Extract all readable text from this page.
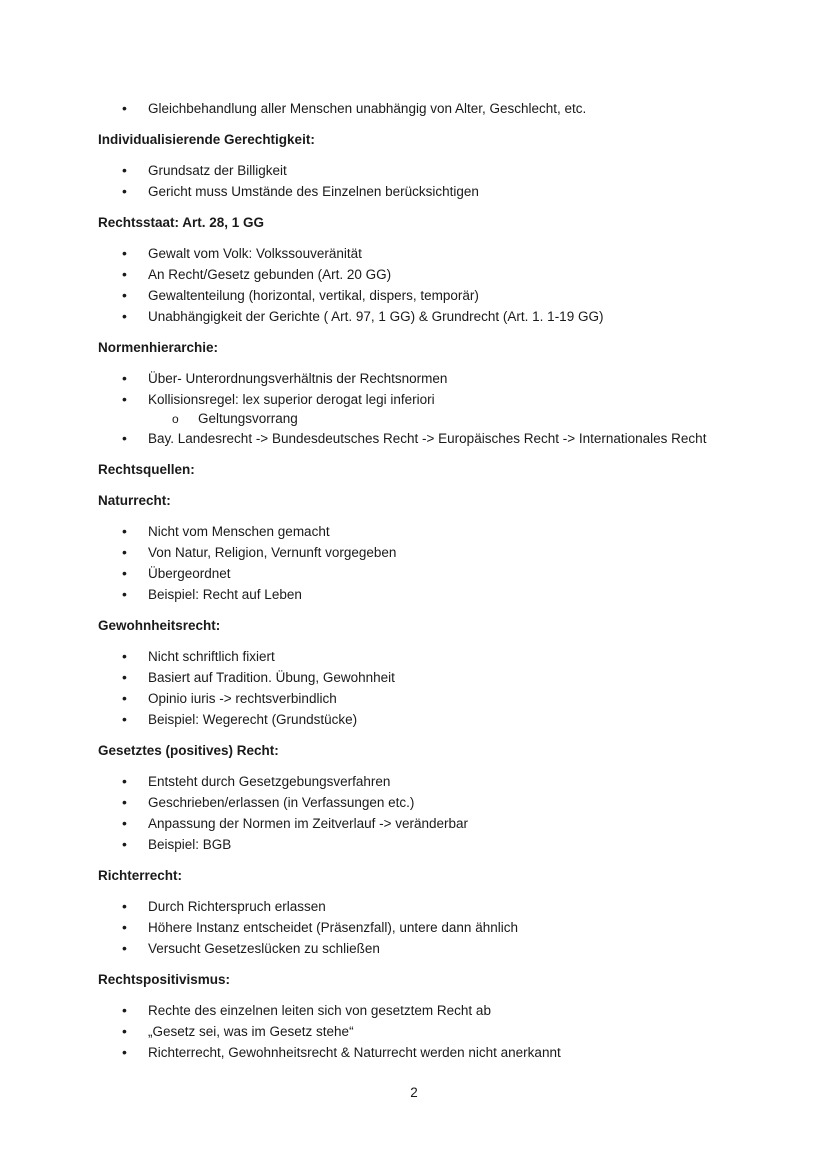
• Gleichbehandlung aller Menschen unabhängig von Alter, Geschlecht, etc.
Individualisierende Gerechtigkeit:
• Grundsatz der Billigkeit
• Gericht muss Umstände des Einzelnen berücksichtigen
Rechtsstaat: Art. 28, 1 GG
• Gewalt vom Volk: Volkssouveränität
• An Recht/Gesetz gebunden (Art. 20 GG)
• Gewaltenteilung (horizontal, vertikal, dispers, temporär)
• Unabhängigkeit der Gerichte ( Art. 97, 1 GG) & Grundrecht (Art. 1. 1-19 GG)
Normenhierarchie:
• Über- Unterordnungsverhältnis der Rechtsnormen
• Kollisionsregel: lex superior derogat legi inferiori
o Geltungsvorrang
• Bay. Landesrecht -> Bundesdeutsches Recht -> Europäisches Recht -> Internationales Recht
Rechtsquellen:
Naturrecht:
• Nicht vom Menschen gemacht
• Von Natur, Religion, Vernunft vorgegeben
• Übergeordnet
• Beispiel: Recht auf Leben
Gewohnheitsrecht:
• Nicht schriftlich fixiert
• Basiert auf Tradition. Übung, Gewohnheit
• Opinio iuris -> rechtsverbindlich
• Beispiel: Wegerecht (Grundstücke)
Gesetztes (positives) Recht:
• Entsteht durch Gesetzgebungsverfahren
• Geschrieben/erlassen (in Verfassungen etc.)
• Anpassung der Normen im Zeitverlauf -> veränderbar
• Beispiel: BGB
Richterrecht:
• Durch Richterspruch erlassen
• Höhere Instanz entscheidet (Präsenzfall), untere dann ähnlich
• Versucht Gesetzeslücken zu schließen
Rechtspositivismus:
• Rechte des einzelnen leiten sich von gesetztem Recht ab
• „Gesetz sei, was im Gesetz stehe“
• Richterrecht, Gewohnheitsrecht & Naturrecht werden nicht anerkannt
2
